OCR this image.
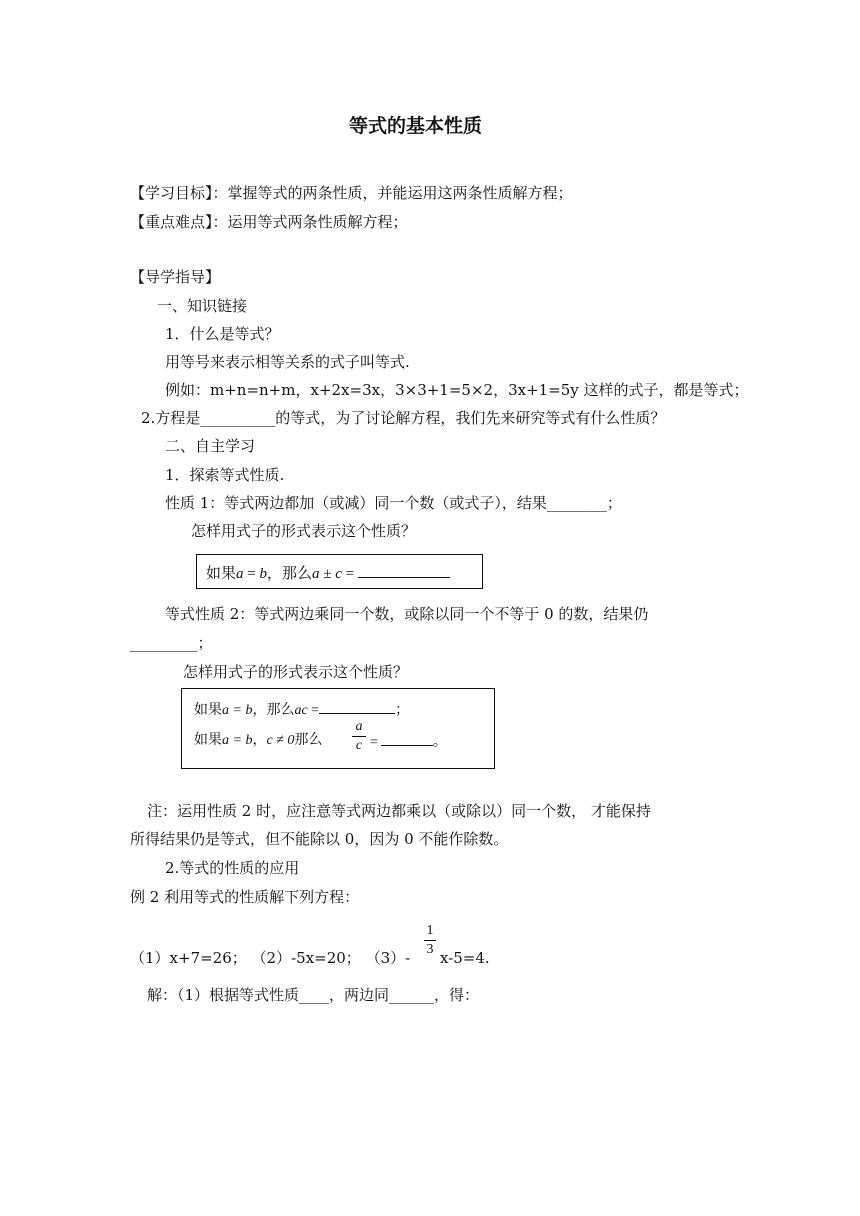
等式的基本性质
【学习目标】：掌握等式的两条性质，并能运用这两条性质解方程；
【重点难点】：运用等式两条性质解方程；
【导学指导】
一、知识链接
1．什么是等式？
用等号来表示相等关系的式子叫等式.
例如：m+n=n+m，x+2x=3x，3×3+1=5×2，3x+1=5y 这样的式子，都是等式；
2.方程是__________的等式，为了讨论解方程，我们先来研究等式有什么性质？
二、自主学习
1．探索等式性质.
性质 1：等式两边都加（或减）同一个数（或式子），结果________；
怎样用式子的形式表示这个性质？
如果a = b，那么a ± c =
等式性质 2：等式两边乘同一个数，或除以同一个不等于 0 的数，结果仍
_________；
怎样用式子的形式表示这个性质？
如果a = b，那么ac =	；
如果a = b，c ≠ 0那么
a
c =	。
注：运用性质 2 时，应注意等式两边都乘以（或除以）同一个数， 才能保持
所得结果仍是等式，但不能除以 0，因为 0 不能作除数。
2.等式的性质的应用
例 2 利用等式的性质解下列方程：
（1）x+7=26； （2）-5x=20； （3）-
1
3 x-5=4.
解：（1）根据等式性质____，两边同______，得：
